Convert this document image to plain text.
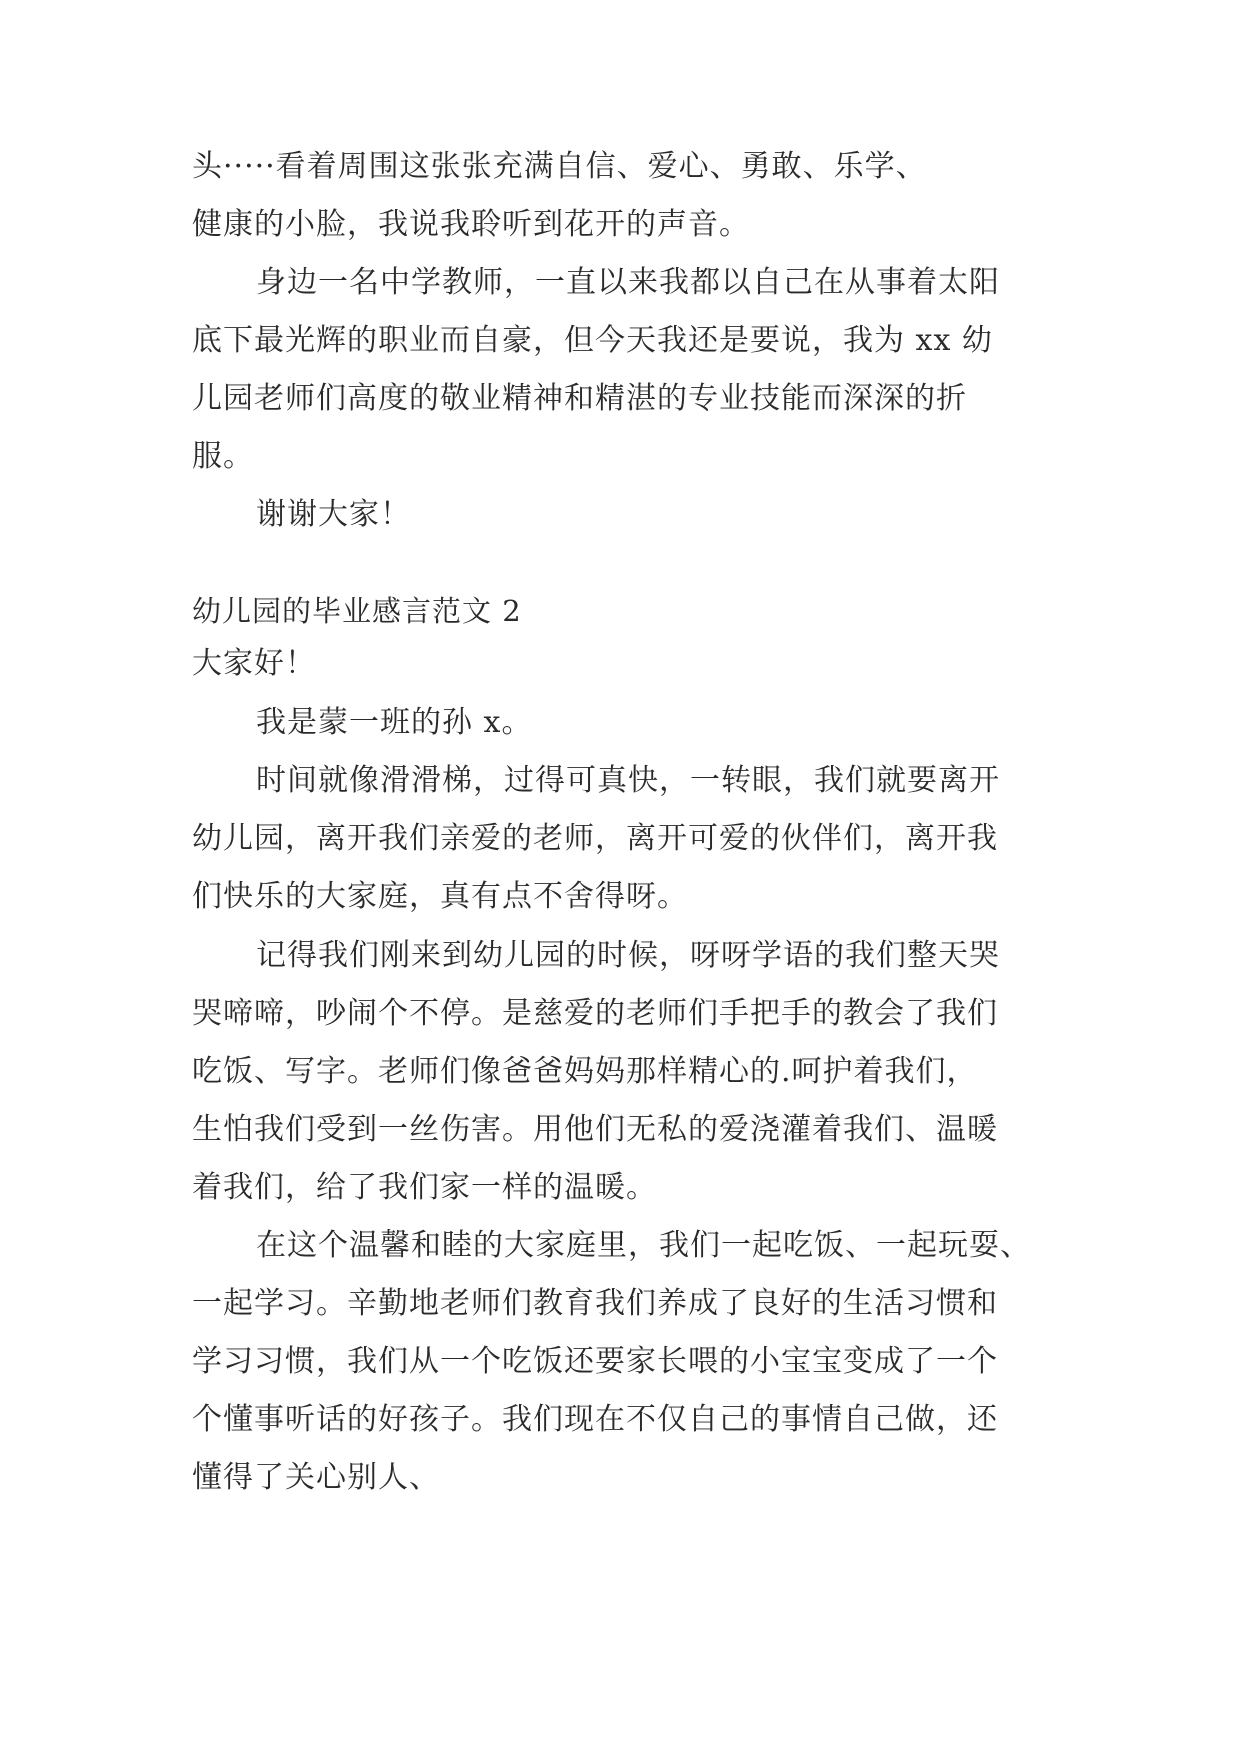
头·····看着周围这张张充满自信、爱心、勇敢、乐学、
健康的小脸，我说我聆听到花开的声音。
身边一名中学教师，一直以来我都以自己在从事着太阳
底下最光辉的职业而自豪，但今天我还是要说，我为 xx 幼
儿园老师们高度的敬业精神和精湛的专业技能而深深的折
服。
谢谢大家！
幼儿园的毕业感言范文 2
大家好！
我是蒙一班的孙 x。
时间就像滑滑梯，过得可真快，一转眼，我们就要离开
幼儿园，离开我们亲爱的老师，离开可爱的伙伴们，离开我
们快乐的大家庭，真有点不舍得呀。
记得我们刚来到幼儿园的时候，呀呀学语的我们整天哭
哭啼啼，吵闹个不停。是慈爱的老师们手把手的教会了我们
吃饭、写字。老师们像爸爸妈妈那样精心的.呵护着我们，
生怕我们受到一丝伤害。用他们无私的爱浇灌着我们、温暖
着我们，给了我们家一样的温暖。
在这个温馨和睦的大家庭里，我们一起吃饭、一起玩耍、
一起学习。辛勤地老师们教育我们养成了良好的生活习惯和
学习习惯，我们从一个吃饭还要家长喂的小宝宝变成了一个
个懂事听话的好孩子。我们现在不仅自己的事情自己做，还
懂得了关心别人、
